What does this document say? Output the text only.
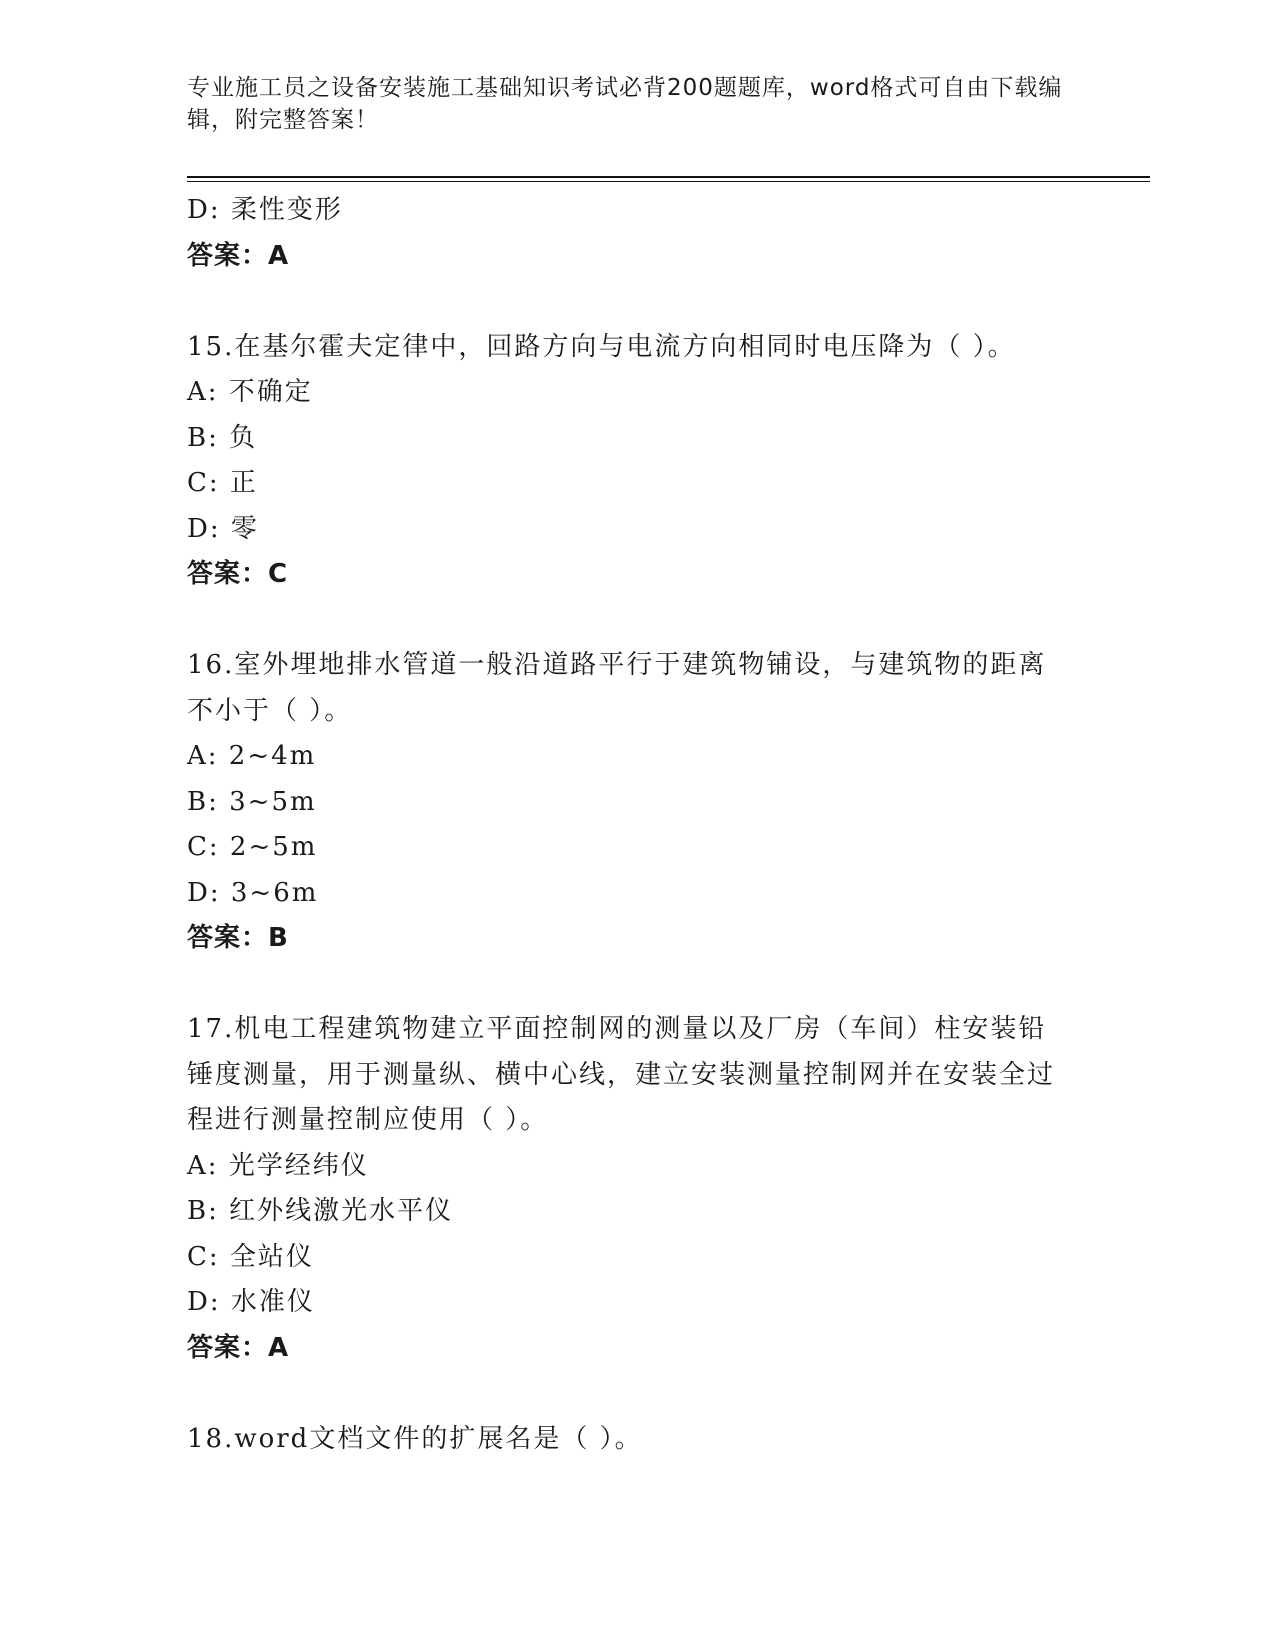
专业施工员之设备安装施工基础知识考试必背200题题库，word格式可自由下载编辑，附完整答案！
D: 柔性变形
答案：A
15.在基尔霍夫定律中，回路方向与电流方向相同时电压降为（ ）。
A: 不确定
B: 负
C: 正
D: 零
答案：C
16.室外埋地排水管道一般沿道路平行于建筑物铺设，与建筑物的距离不小于（ ）。
A: 2~4m
B: 3~5m
C: 2~5m
D: 3~6m
答案：B
17.机电工程建筑物建立平面控制网的测量以及厂房（车间）柱安装铅锤度测量，用于测量纵、横中心线，建立安装测量控制网并在安装全过程进行测量控制应使用（ ）。
A: 光学经纬仪
B: 红外线激光水平仪
C: 全站仪
D: 水准仪
答案：A
18.word文档文件的扩展名是（ ）。
